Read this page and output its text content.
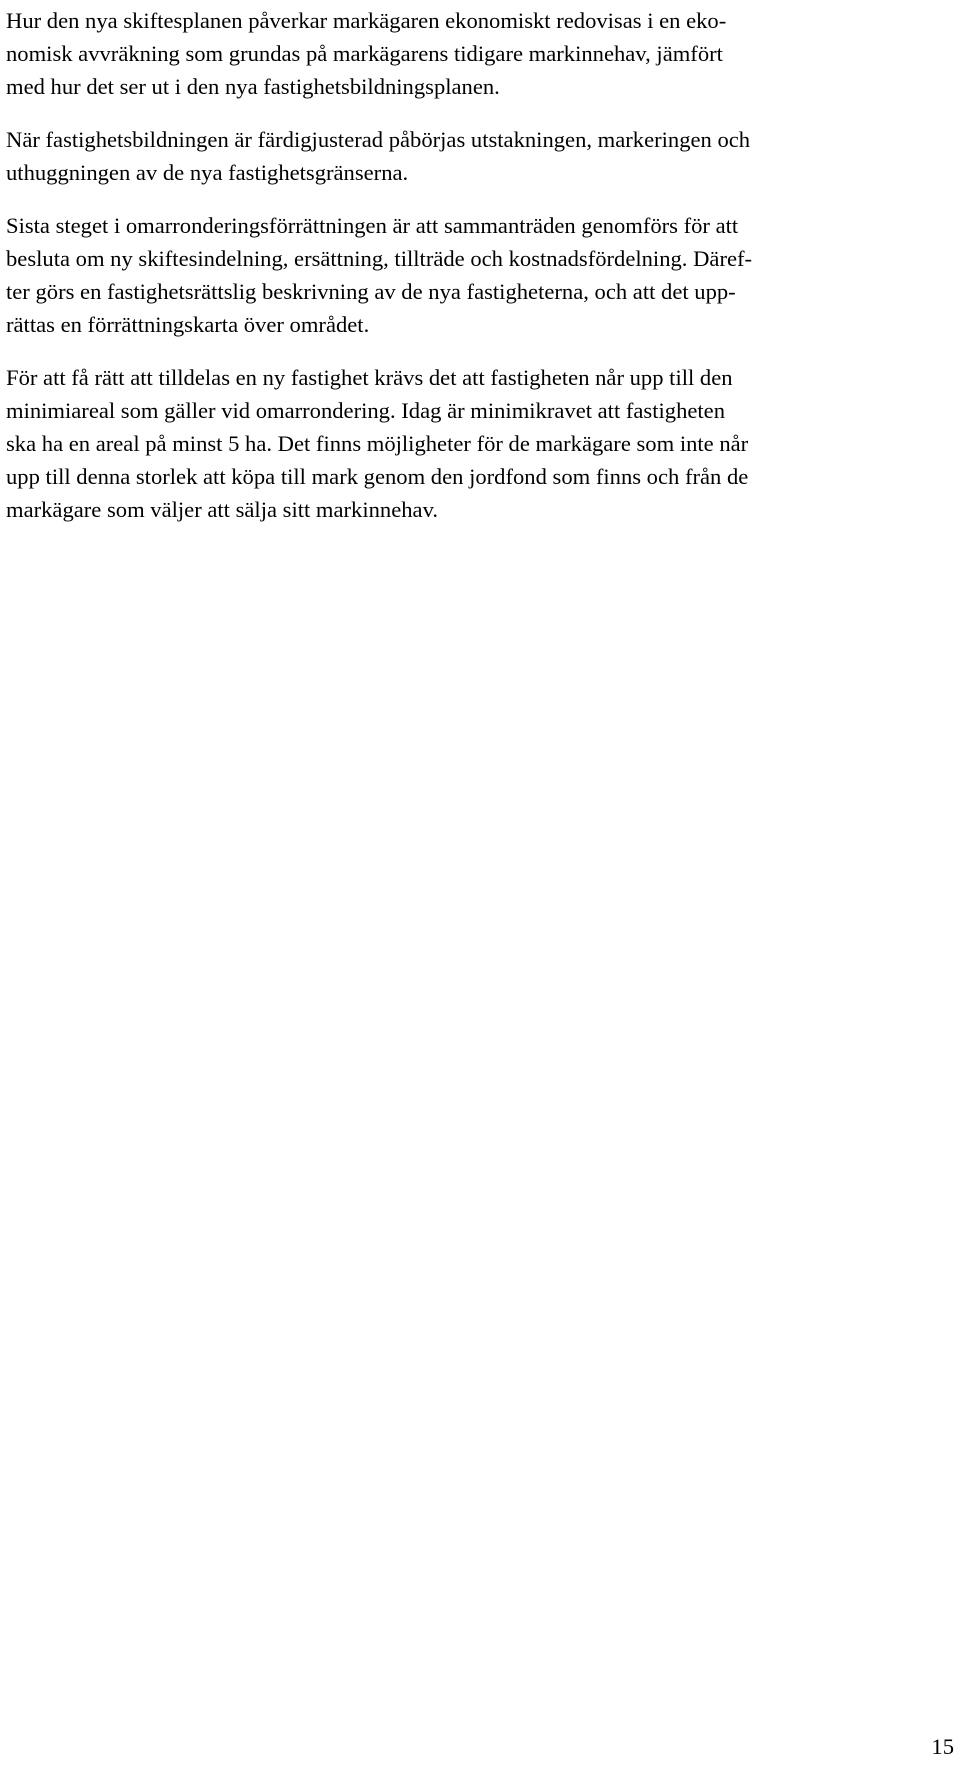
Hur den nya skiftesplanen påverkar markägaren ekonomiskt redovisas i en eko-
nomisk avvräkning som grundas på markägarens tidigare markinnehav, jämfört
med hur det ser ut i den nya fastighetsbildningsplanen.

När fastighetsbildningen är färdigjusterad påbörjas utstakningen, markeringen och
uthuggningen av de nya fastighetsgränserna.

Sista steget i omarronderingsförrättningen är att sammanträden genomförs för att
besluta om ny skiftesindelning, ersättning, tillträde och kostnadsfördelning. Däref-
ter görs en fastighetsrättslig beskrivning av de nya fastigheterna, och att det upp-
rättas en förrättningskarta över området.

För att få rätt att tilldelas en ny fastighet krävs det att fastigheten når upp till den
minimiareal som gäller vid omarrondering. Idag är minimikravet att fastigheten
ska ha en areal på minst 5 ha. Det finns möjligheter för de markägare som inte når
upp till denna storlek att köpa till mark genom den jordfond som finns och från de
markägare som väljer att sälja sitt markinnehav.

15
